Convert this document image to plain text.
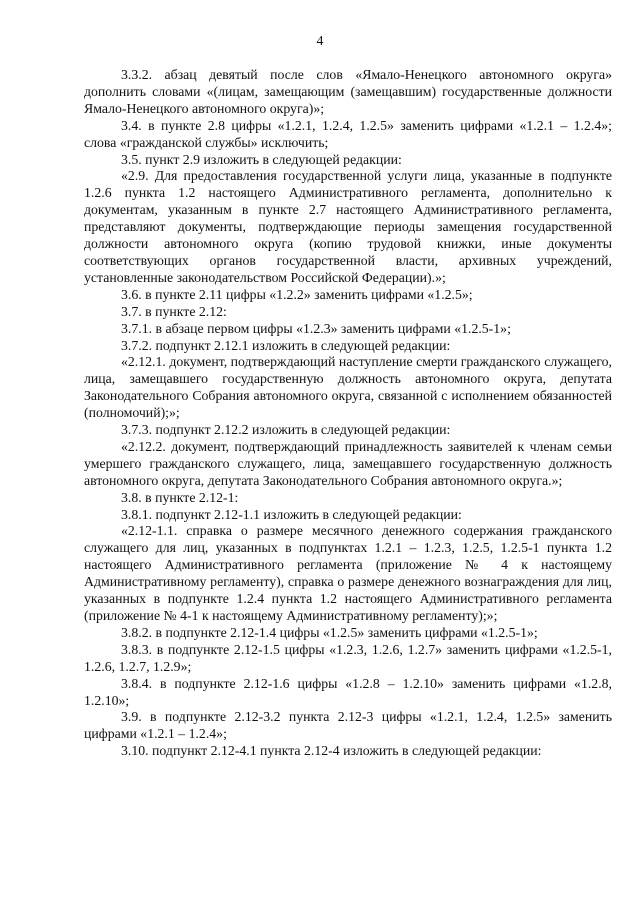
4

3.3.2. абзац девятый после слов «Ямало-Ненецкого автономного округа» дополнить словами «(лицам, замещающим (замещавшим) государственные должности Ямало-Ненецкого автономного округа)»;

3.4. в пункте 2.8 цифры «1.2.1, 1.2.4, 1.2.5» заменить цифрами «1.2.1 – 1.2.4»; слова «гражданской службы» исключить;

3.5. пункт 2.9 изложить в следующей редакции:

«2.9. Для предоставления государственной услуги лица, указанные в подпункте 1.2.6 пункта 1.2 настоящего Административного регламента, дополнительно к документам, указанным в пункте 2.7 настоящего Административного регламента, представляют документы, подтверждающие периоды замещения государственной должности автономного округа (копию трудовой книжки, иные документы соответствующих органов государственной власти, архивных учреждений, установленные законодательством Российской Федерации).»;

3.6. в пункте 2.11 цифры «1.2.2» заменить цифрами «1.2.5»;

3.7. в пункте 2.12:

3.7.1. в абзаце первом цифры «1.2.3» заменить цифрами «1.2.5-1»;

3.7.2. подпункт 2.12.1 изложить в следующей редакции:

«2.12.1. документ, подтверждающий наступление смерти гражданского служащего, лица, замещавшего государственную должность автономного округа, депутата Законодательного Собрания автономного округа, связанной с исполнением обязанностей (полномочий);»;

3.7.3. подпункт 2.12.2 изложить в следующей редакции:

«2.12.2. документ, подтверждающий принадлежность заявителей к членам семьи умершего гражданского служащего, лица, замещавшего государственную должность автономного округа, депутата Законодательного Собрания автономного округа.»;

3.8. в пункте 2.12-1:

3.8.1. подпункт 2.12-1.1 изложить в следующей редакции:

«2.12-1.1. справка о размере месячного денежного содержания гражданского служащего для лиц, указанных в подпунктах 1.2.1 – 1.2.3, 1.2.5, 1.2.5-1 пункта 1.2 настоящего Административного регламента (приложение № 4 к настоящему Административному регламенту), справка о размере денежного вознаграждения для лиц, указанных в подпункте 1.2.4 пункта 1.2 настоящего Административного регламента (приложение № 4-1 к настоящему Административному регламенту);»;

3.8.2. в подпункте 2.12-1.4 цифры «1.2.5» заменить цифрами «1.2.5-1»;

3.8.3. в подпункте 2.12-1.5 цифры «1.2.3, 1.2.6, 1.2.7» заменить цифрами «1.2.5-1, 1.2.6, 1.2.7, 1.2.9»;

3.8.4. в подпункте 2.12-1.6 цифры «1.2.8 – 1.2.10» заменить цифрами «1.2.8, 1.2.10»;

3.9. в подпункте 2.12-3.2 пункта 2.12-3 цифры «1.2.1, 1.2.4, 1.2.5» заменить цифрами «1.2.1 – 1.2.4»;

3.10. подпункт 2.12-4.1 пункта 2.12-4 изложить в следующей редакции:
